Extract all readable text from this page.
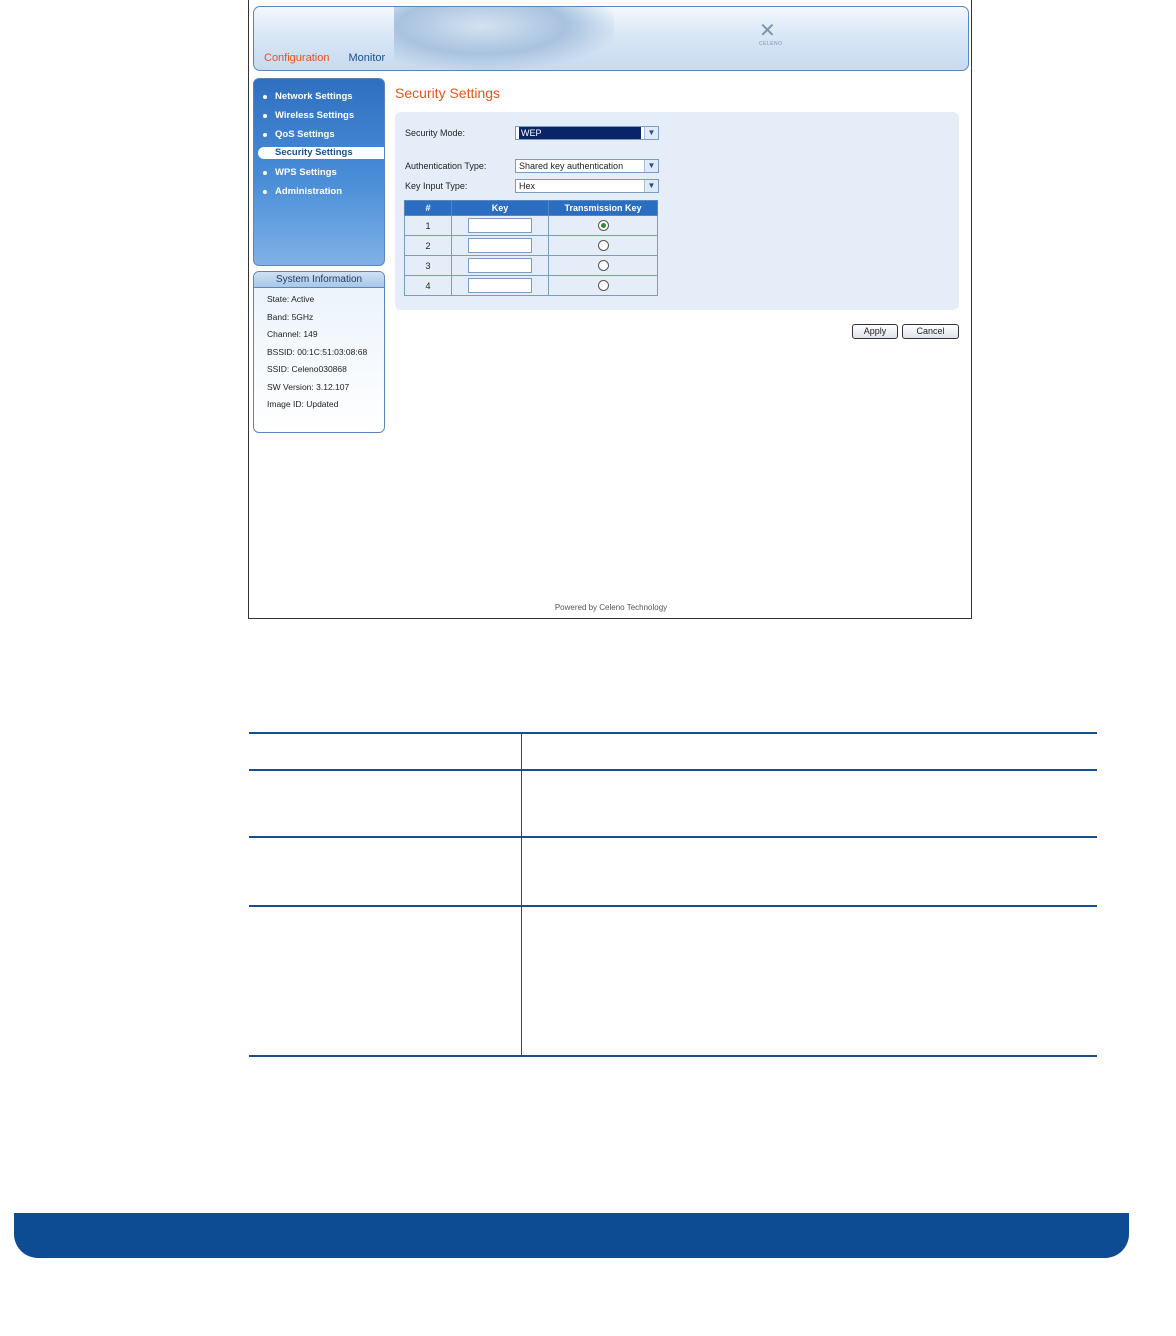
✕
CELENO
Configuration Monitor
Network Settings
Wireless Settings
QoS Settings
Security Settings
WPS Settings
Administration
System Information
State: Active
Band: 5GHz
Channel: 149
BSSID: 00:1C:51:03:08:68
SSID: Celeno030868
SW Version: 3.12.107
Image ID: Updated
Security Settings
Security Mode:	WEP	▼
Authentication Type:	Shared key authentication	▼
Key Input Type:	Hex	▼
#	Key	Transmission Key
1		
2		
3		
4		
Apply	Cancel
Powered by Celeno Technology
